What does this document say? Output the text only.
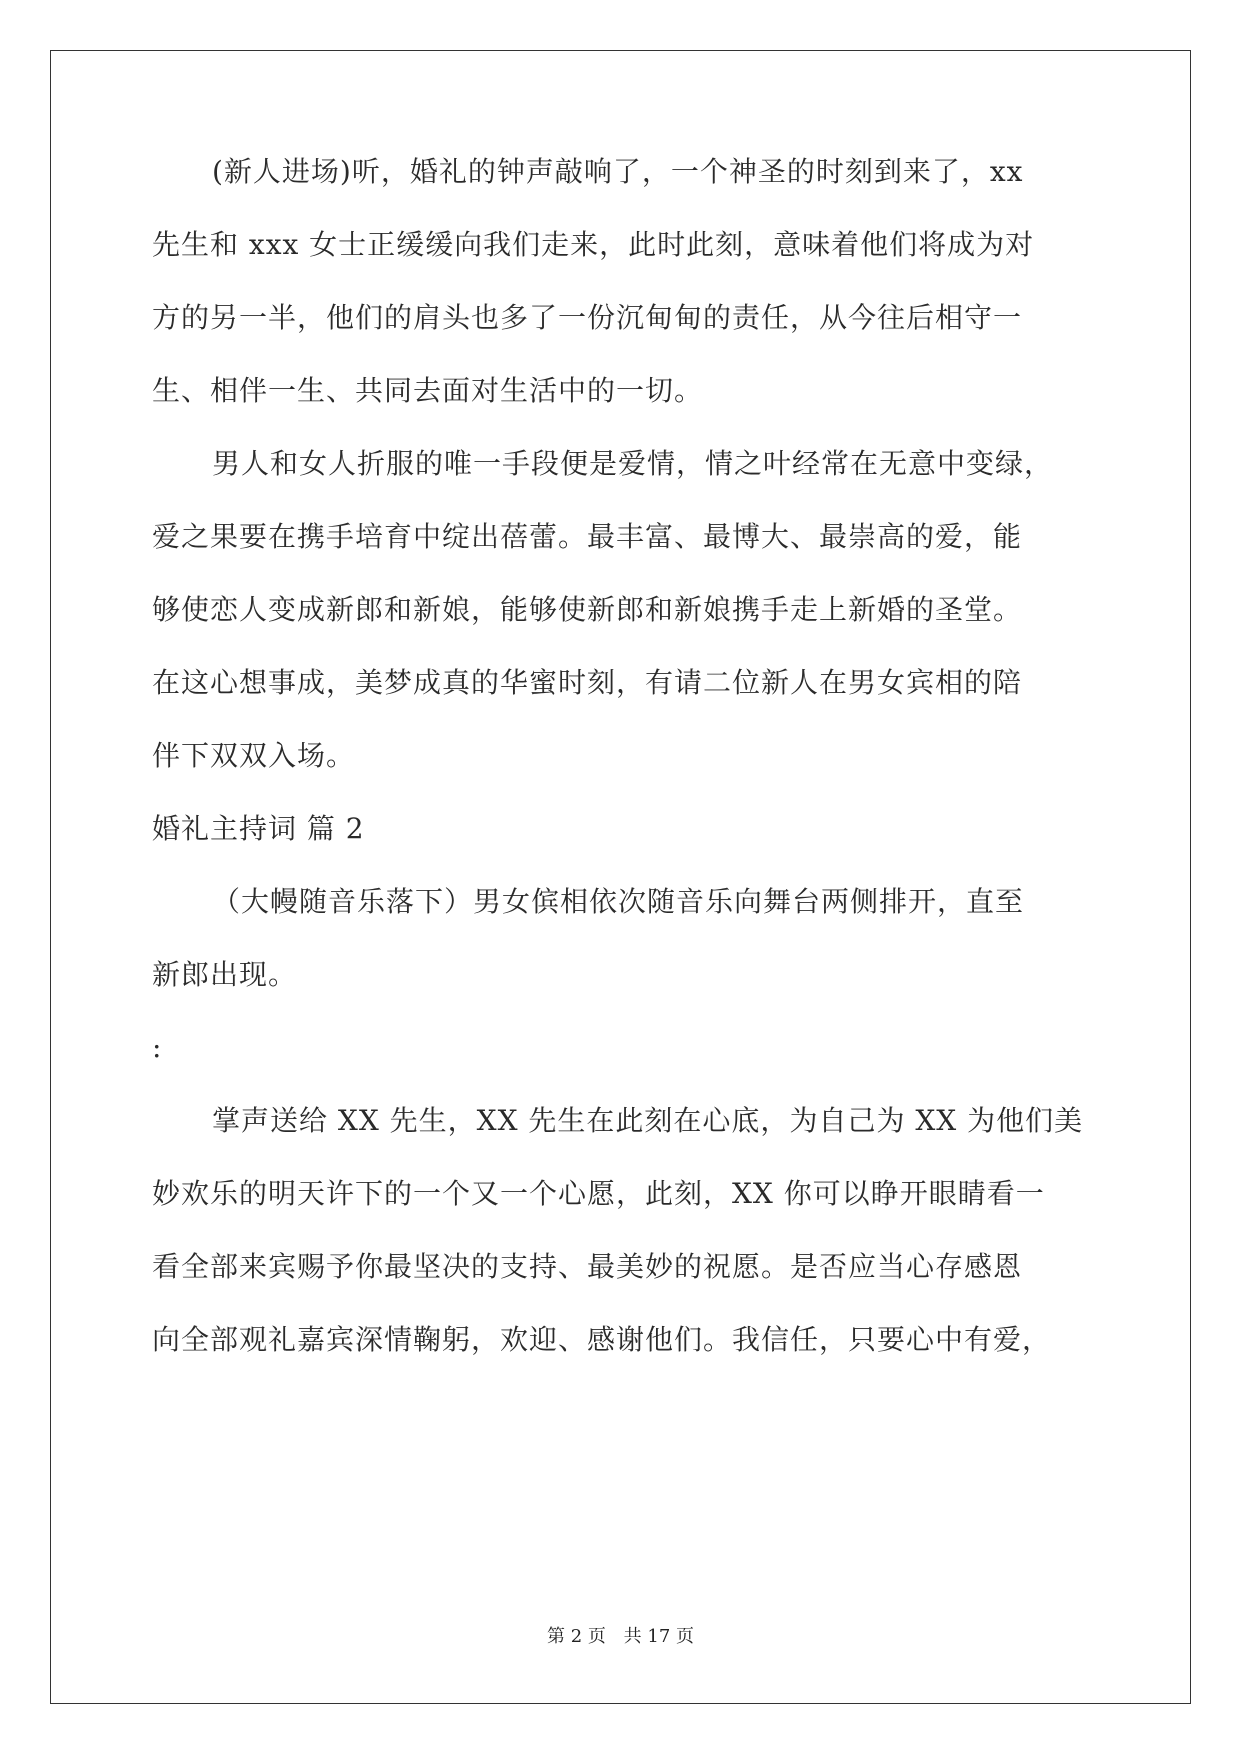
(新人进场)听，婚礼的钟声敲响了，一个神圣的时刻到来了，xx
先生和 xxx 女士正缓缓向我们走来，此时此刻，意味着他们将成为对
方的另一半，他们的肩头也多了一份沉甸甸的责任，从今往后相守一
生、相伴一生、共同去面对生活中的一切。
男人和女人折服的唯一手段便是爱情，情之叶经常在无意中变绿，
爱之果要在携手培育中绽出蓓蕾。最丰富、最博大、最崇高的爱，能
够使恋人变成新郎和新娘，能够使新郎和新娘携手走上新婚的圣堂。
在这心想事成，美梦成真的华蜜时刻，有请二位新人在男女宾相的陪
伴下双双入场。
婚礼主持词 篇 2
（大幔随音乐落下）男女傧相依次随音乐向舞台两侧排开，直至
新郎出现。
:
掌声送给 XX 先生，XX 先生在此刻在心底，为自己为 XX 为他们美
妙欢乐的明天许下的一个又一个心愿，此刻，XX 你可以睁开眼睛看一
看全部来宾赐予你最坚决的支持、最美妙的祝愿。是否应当心存感恩
向全部观礼嘉宾深情鞠躬，欢迎、感谢他们。我信任，只要心中有爱，
第 2 页 共 17 页
